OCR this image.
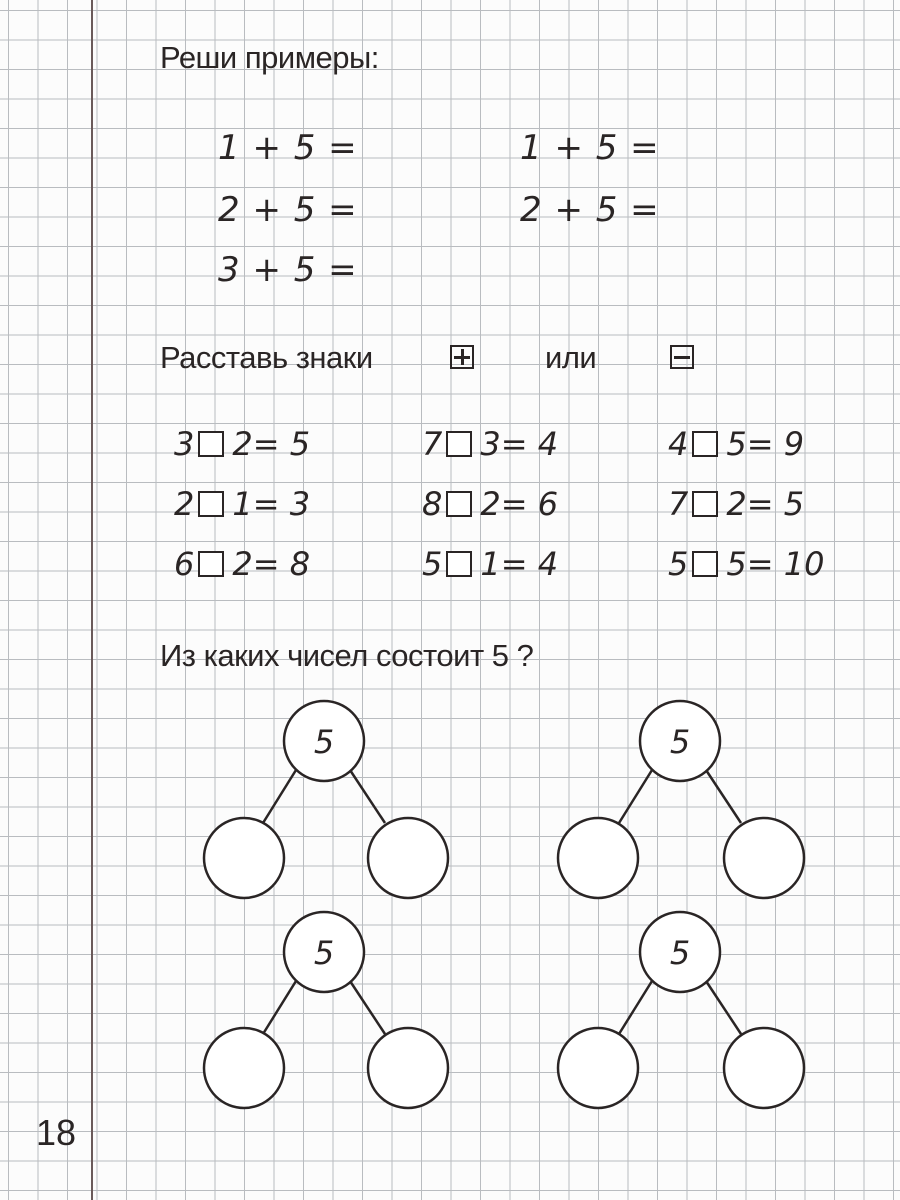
Реши примеры:
1 + 5 =
2 + 5 =
3 + 5 =
1 + 5 =
2 + 5 =
Расставь знаки	или
3 2 = 5	7 3 = 4	4 5 = 9
2 1 = 3	8 2 = 6	7 2 = 5
6 2 = 8	5 1 = 4	5 5 = 10
Из каких чисел состоит 5 ?
5	5
5	5
18
